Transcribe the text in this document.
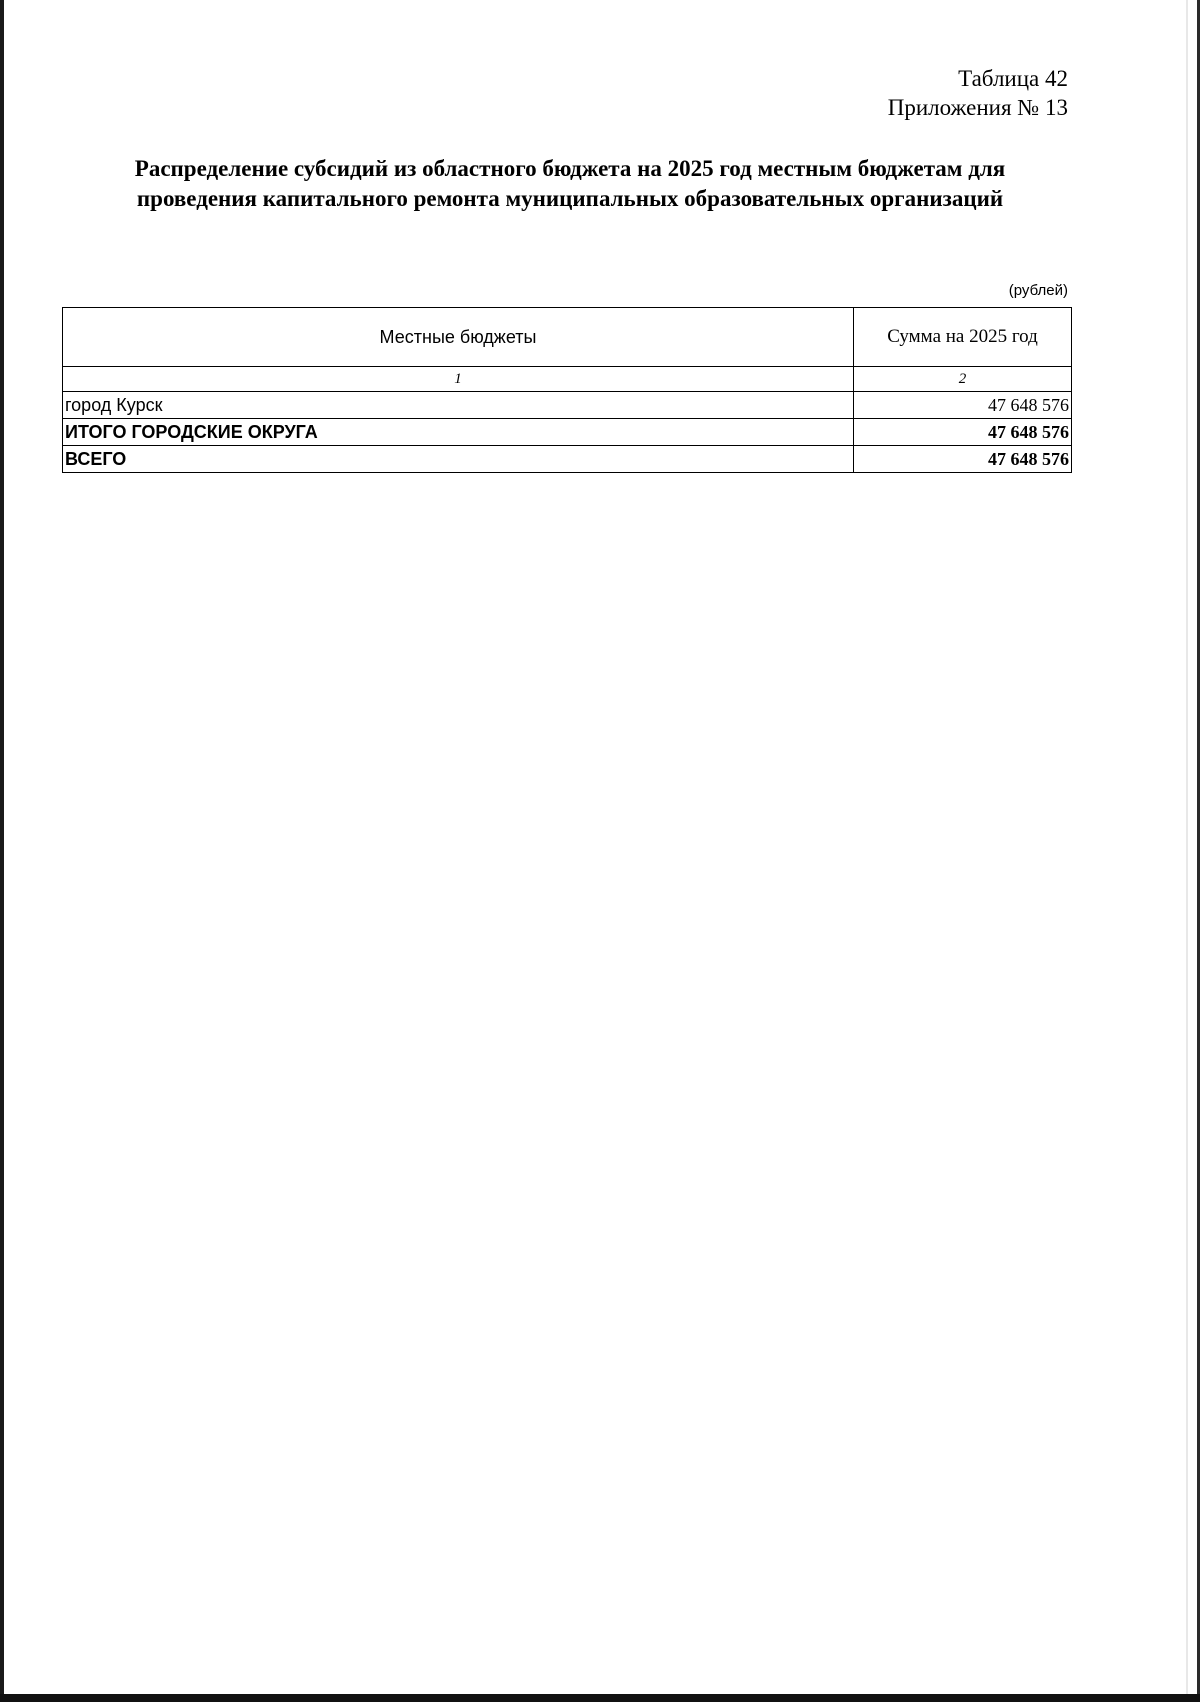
Таблица 42
Приложения № 13
Распределение субсидий из областного бюджета на 2025 год местным бюджетам для
проведения капитального ремонта муниципальных образовательных организаций
(рублей)
Местные бюджеты	Сумма на 2025 год
1	2
город Курск	47 648 576
ИТОГО ГОРОДСКИЕ ОКРУГА	47 648 576
ВСЕГО	47 648 576
